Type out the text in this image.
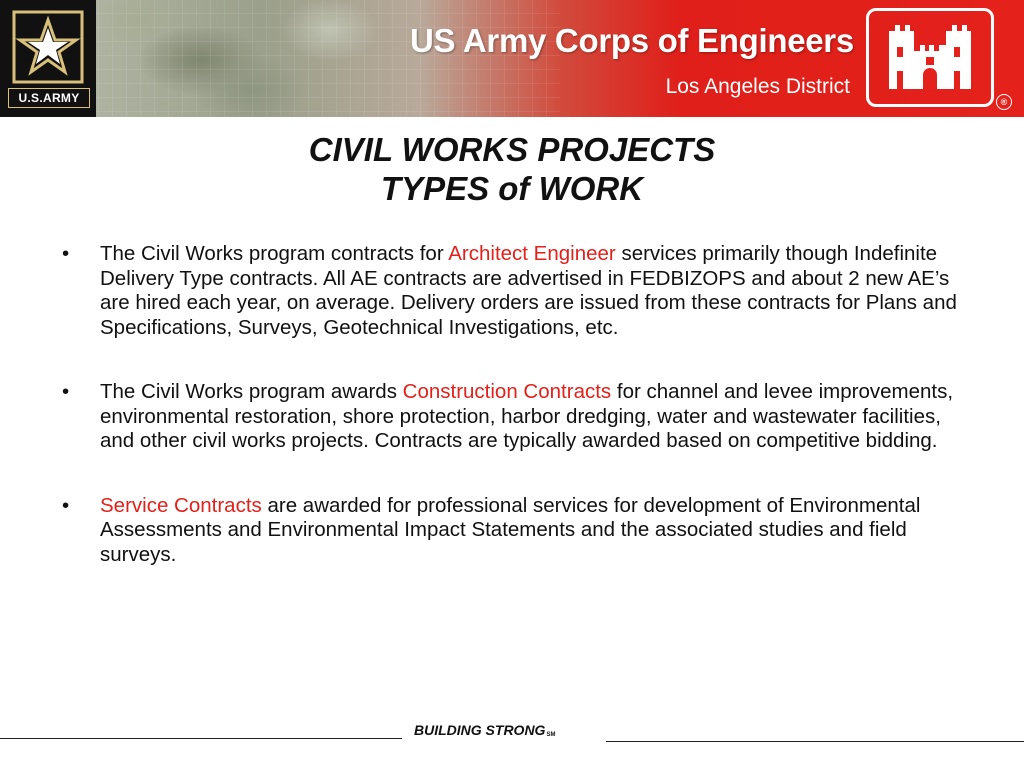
U.S.ARMY
US Army Corps of Engineers
Los Angeles District
®
CIVIL WORKS PROJECTS
TYPES of WORK
• The Civil Works program contracts for Architect Engineer services primarily though Indefinite Delivery Type contracts. All AE contracts are advertised in FEDBIZOPS and about 2 new AE’s are hired each year, on average. Delivery orders are issued from these contracts for Plans and Specifications, Surveys, Geotechnical Investigations, etc.
• The Civil Works program awards Construction Contracts for channel and levee improvements, environmental restoration, shore protection, harbor dredging, water and wastewater facilities, and other civil works projects. Contracts are typically awarded based on competitive bidding.
• Service Contracts are awarded for professional services for development of Environmental Assessments and Environmental Impact Statements and the associated studies and field surveys.
BUILDING STRONGSM
